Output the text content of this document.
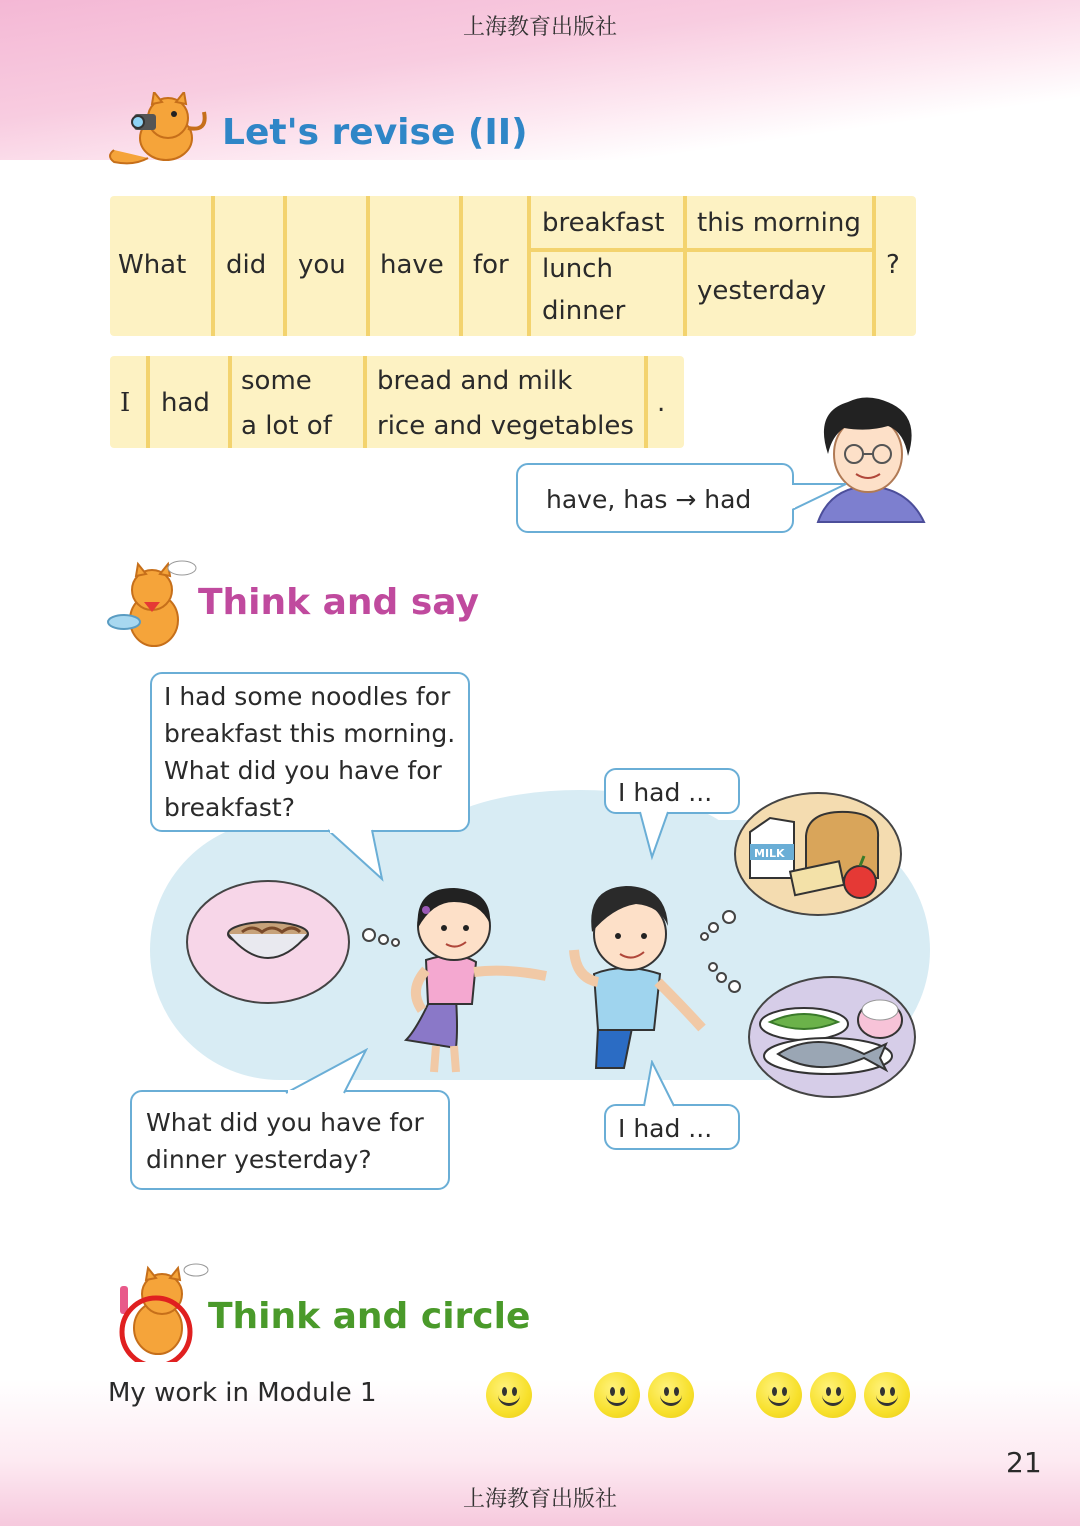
上海教育出版社
Let's revise (II)
What did you have for
breakfast
lunch
dinner
this morning
yesterday
?
I had
some
a lot of
bread and milk
rice and vegetables
.
have, has → had
Think and say
MILK
I had some noodles for
breakfast this morning.
What did you have for
breakfast?
I had ...
What did you have for
dinner yesterday?
I had ...
Think and circle
My work in Module 1
21
上海教育出版社
